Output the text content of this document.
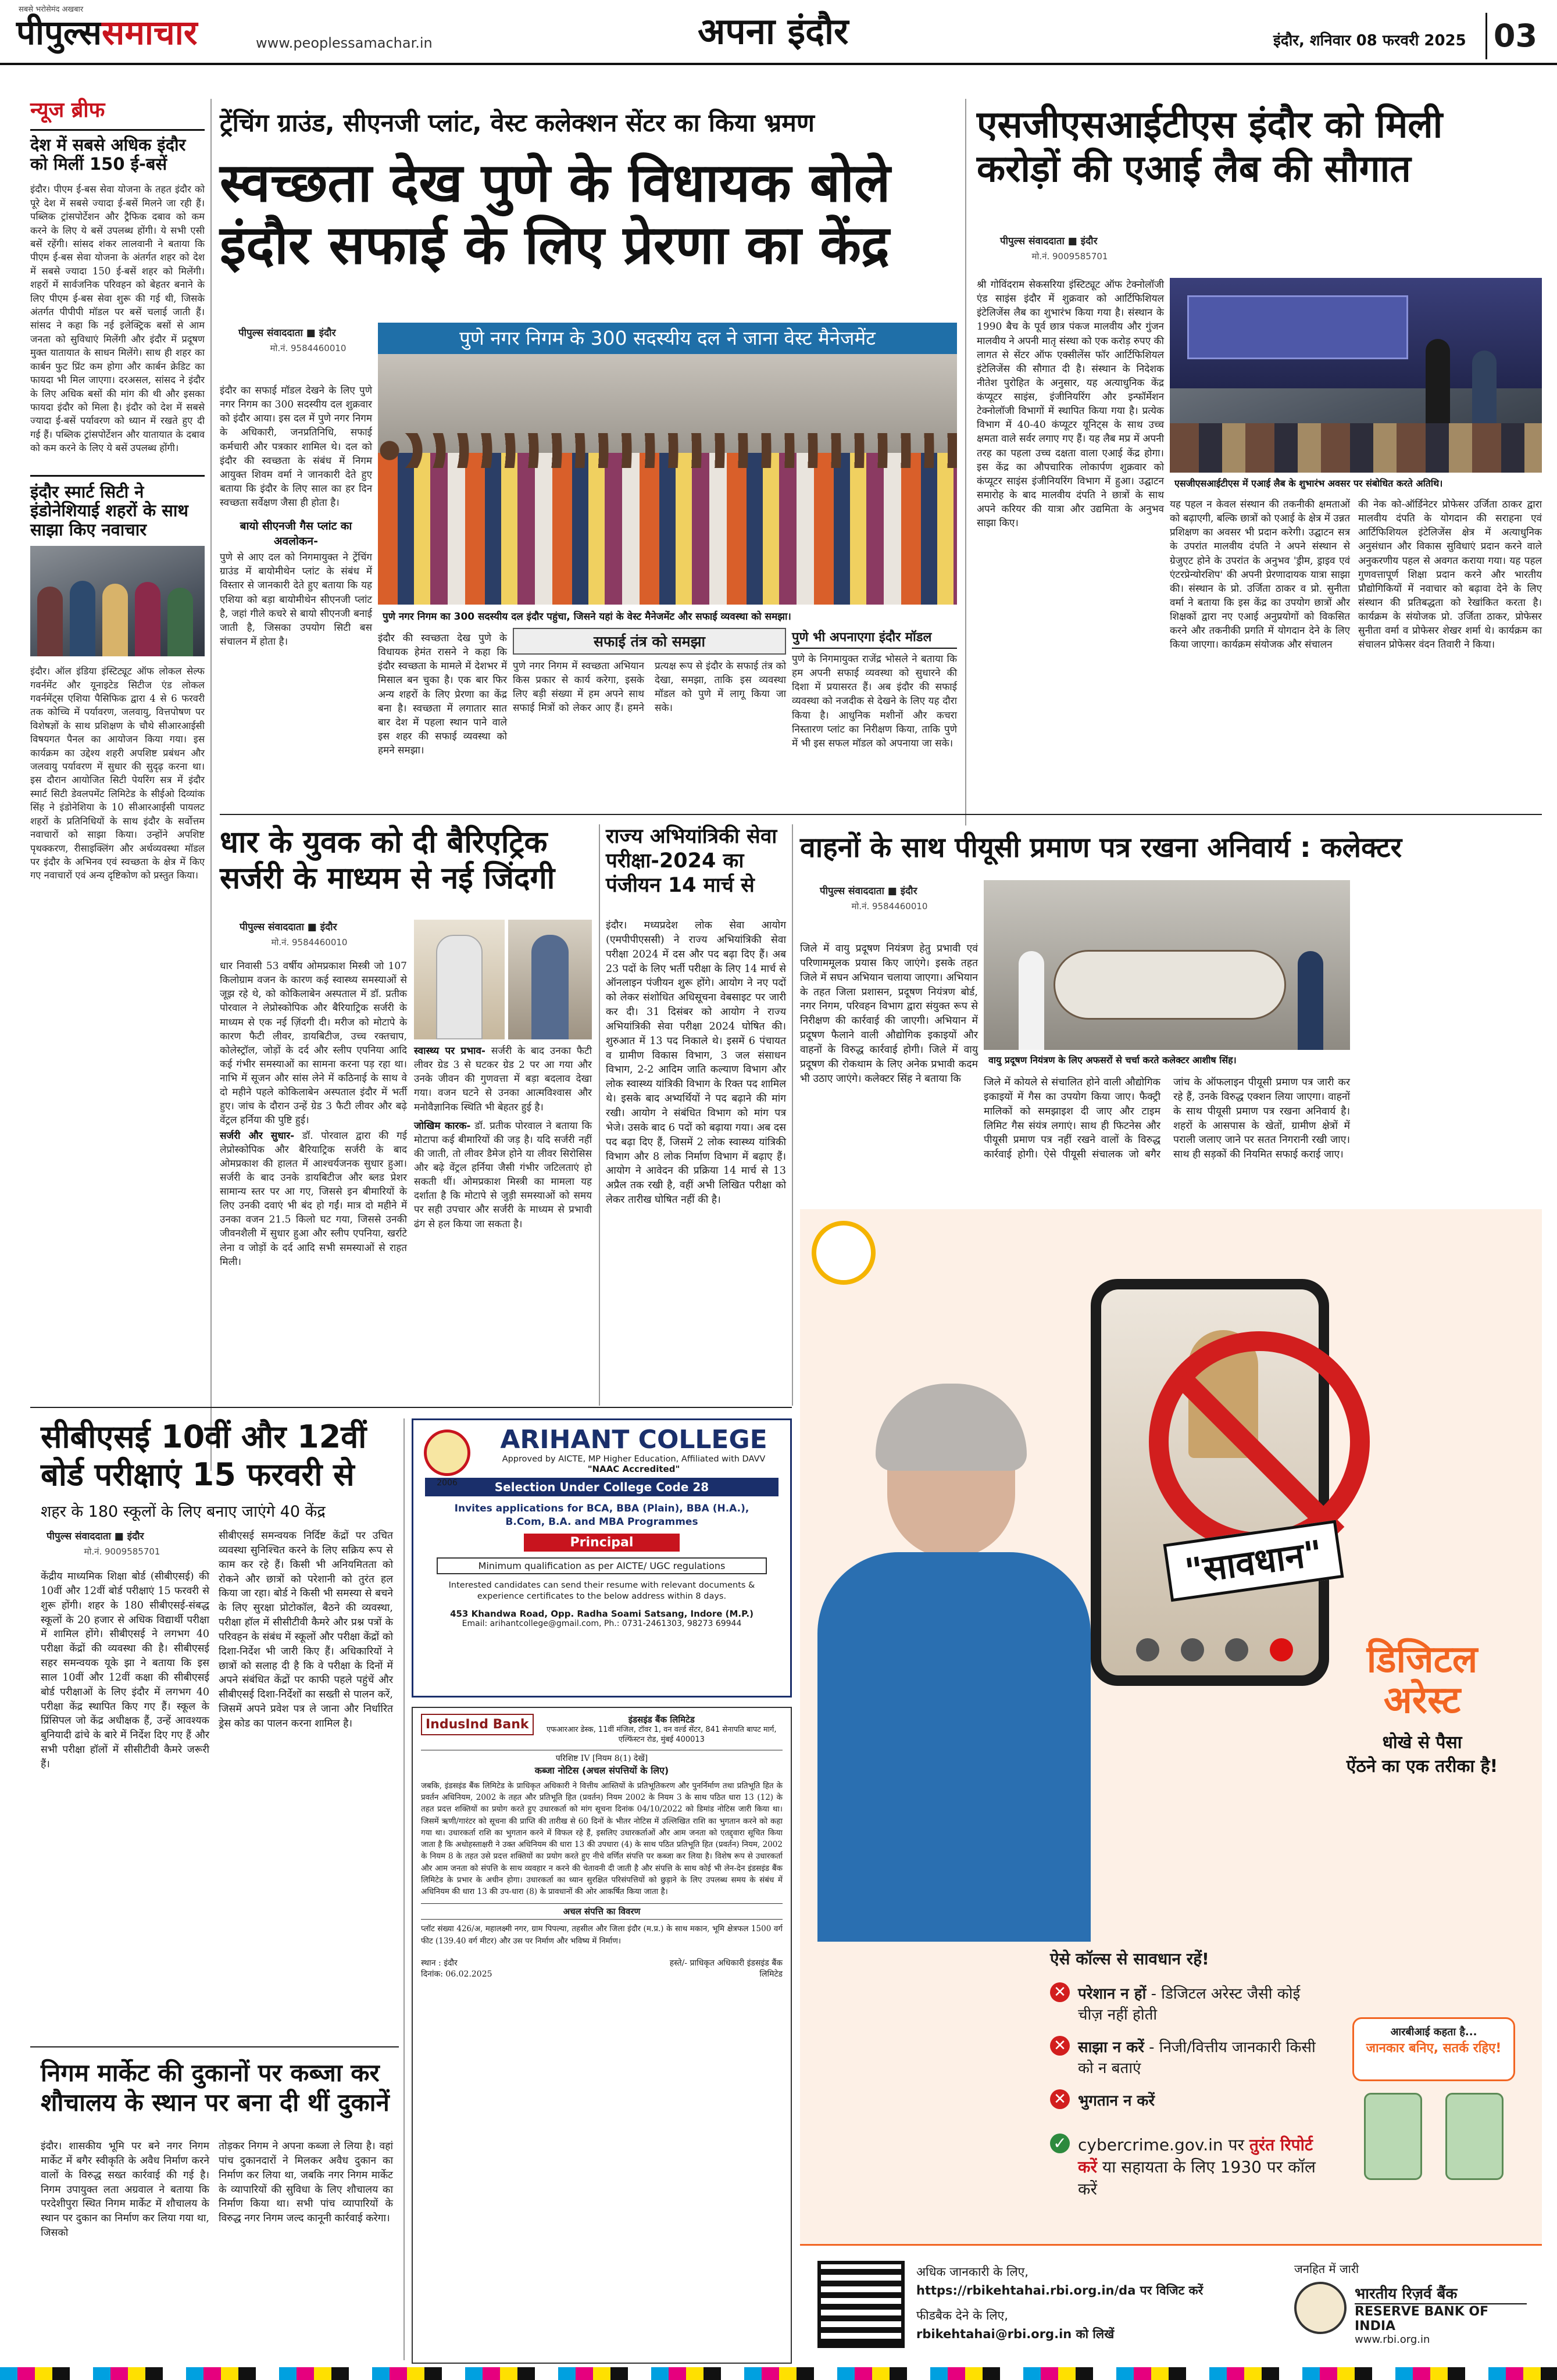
पीपुल्ससमाचार
सबसे भरोसेमंद अखबार
www.peoplessamachar.in	अपना इंदौर	इंदौर, शनिवार 08 फरवरी 2025 03
न्यूज ब्रीफ
देश में सबसे अधिक इंदौर को मिलीं 150 ई-बसें
इंदौर। पीएम ई-बस सेवा योजना के तहत इंदौर को पूरे देश में सबसे ज्यादा ई-बसें मिलने जा रही हैं। पब्लिक ट्रांसपोर्टेशन और ट्रैफिक दबाव को कम करने के लिए ये बसें उपलब्ध होंगी। ये सभी एसी बसें रहेंगी। सांसद शंकर लालवानी ने बताया कि पीएम ई-बस सेवा योजना के अंतर्गत शहर को देश में सबसे ज्यादा 150 ई-बसें शहर को मिलेंगी। शहरों में सार्वजनिक परिवहन को बेहतर बनाने के लिए पीएम ई-बस सेवा शुरू की गई थी, जिसके अंतर्गत पीपीपी मॉडल पर बसें चलाई जाती हैं। सांसद ने कहा कि नई इलेक्ट्रिक बसों से आम जनता को सुविधाएं मिलेंगी और इंदौर में प्रदूषण मुक्त यातायात के साधन मिलेंगे। साथ ही शहर का कार्बन फुट प्रिंट कम होगा और कार्बन क्रेडिट का फायदा भी मिल जाएगा। दरअसल, सांसद ने इंदौर के लिए अधिक बसों की मांग की थी और इसका फायदा इंदौर को मिला है। इंदौर को देश में सबसे ज्यादा ई-बसें पर्यावरण को ध्यान में रखते हुए दी गई हैं। पब्लिक ट्रांसपोर्टेशन और यातायात के दबाव को कम करने के लिए ये बसें उपलब्ध होंगी।
इंदौर स्मार्ट सिटी ने इंडोनेशियाई शहरों के साथ साझा किए नवाचार
इंदौर। ऑल इंडिया इंस्टिट्यूट ऑफ लोकल सेल्फ गवर्नमेंट और यूनाइटेड सिटीज एंड लोकल गवर्नमेंट्स एशिया पैसिफिक द्वारा 4 से 6 फरवरी तक कोच्चि में पर्यावरण, जलवायु, वित्तपोषण पर विशेषज्ञों के साथ प्रशिक्षण के चौथे सीआरआईसी विषयगत पैनल का आयोजन किया गया। इस कार्यक्रम का उद्देश्य शहरी अपशिष्ट प्रबंधन और जलवायु पर्यावरण में सुधार की सुदृढ़ करना था। इस दौरान आयोजित सिटी पेयरिंग सत्र में इंदौर स्मार्ट सिटी डेवलपमेंट लिमिटेड के सीईओ दिव्यांक सिंह ने इंडोनेशिया के 10 सीआरआईसी पायलट शहरों के प्रतिनिधियों के साथ इंदौर के सर्वोत्तम नवाचारों को साझा किया। उन्होंने अपशिष्ट पृथक्करण, रीसाइक्लिंग और अर्थव्यवस्था मॉडल पर इंदौर के अभिनव एवं स्वच्छता के क्षेत्र में किए गए नवाचारों एवं अन्य दृष्टिकोण को प्रस्तुत किया।
ट्रेंचिंग ग्राउंड, सीएनजी प्लांट, वेस्ट कलेक्शन सेंटर का किया भ्रमण
स्वच्छता देख पुणे के विधायक बोले इंदौर सफाई के लिए प्रेरणा का केंद्र
पीपुल्स संवाददाता ■ इंदौर
मो.नं. 9584460010
इंदौर का सफाई मॉडल देखने के लिए पुणे नगर निगम का 300 सदस्यीय दल शुक्रवार को इंदौर आया। इस दल में पुणे नगर निगम के अधिकारी, जनप्रतिनिधि, सफाई कर्मचारी और पत्रकार शामिल थे। दल को इंदौर की स्वच्छता के संबंध में निगम आयुक्त शिवम वर्मा ने जानकारी देते हुए बताया कि इंदौर के लिए साल का हर दिन स्वच्छता सर्वेक्षण जैसा ही होता है।
बायो सीएनजी गैस प्लांट का अवलोकन-
पुणे से आए दल को निगमायुक्त ने ट्रेंचिंग ग्राउंड में बायोमीथेन प्लांट के संबंध में विस्तार से जानकारी देते हुए बताया कि यह एशिया को बड़ा बायोमीथेन सीएनजी प्लांट है, जहां गीले कचरे से बायो सीएनजी बनाई जाती है, जिसका उपयोग सिटी बस संचालन में होता है।
पुणे नगर निगम के 300 सदस्यीय दल ने जाना वेस्ट मैनेजमेंट
पुणे नगर निगम का 300 सदस्यीय दल इंदौर पहुंचा, जिसने यहां के वेस्ट मैनेजमेंट और सफाई व्यवस्था को समझा।
इंदौर की स्वच्छता देख पुणे के विधायक हेमंत रासने ने कहा कि इंदौर स्वच्छता के मामले में देशभर में मिसाल बन चुका है। एक बार फिर अन्य शहरों के लिए प्रेरणा का केंद्र बना है। स्वच्छता में लगातार सात बार देश में पहला स्थान पाने वाले इस शहर की सफाई व्यवस्था को हमने समझा।
सफाई तंत्र को समझा
पुणे नगर निगम में स्वच्छता अभियान किस प्रकार से कार्य करेगा, इसके लिए बड़ी संख्या में हम अपने साथ सफाई मित्रों को लेकर आए हैं। हमने प्रत्यक्ष रूप से इंदौर के सफाई तंत्र को देखा, समझा, ताकि इस व्यवस्था मॉडल को पुणे में लागू किया जा सके।
पुणे भी अपनाएगा इंदौर मॉडल
पुणे के निगमायुक्त राजेंद्र भोसले ने बताया कि हम अपनी सफाई व्यवस्था को सुधारने की दिशा में प्रयासरत हैं। अब इंदौर की सफाई व्यवस्था को नजदीक से देखने के लिए यह दौरा किया है। आधुनिक मशीनों और कचरा निस्तारण प्लांट का निरीक्षण किया, ताकि पुणे में भी इस सफल मॉडल को अपनाया जा सके।
एसजीएसआईटीएस इंदौर को मिली करोड़ों की एआई लैब की सौगात
पीपुल्स संवाददाता ■ इंदौर
मो.नं. 9009585701
श्री गोविंदराम सेकसरिया इंस्टिट्यूट ऑफ टेक्नोलॉजी एंड साइंस इंदौर में शुक्रवार को आर्टिफिशियल इंटेलिजेंस लैब का शुभारंभ किया गया है। संस्थान के 1990 बैच के पूर्व छात्र पंकज मालवीय और गुंजन मालवीय ने अपनी मातृ संस्था को एक करोड़ रुपए की लागत से सेंटर ऑफ एक्सीलेंस फॉर आर्टिफिशियल इंटेलिजेंस की सौगात दी है। संस्थान के निदेशक नीतेश पुरोहित के अनुसार, यह अत्याधुनिक केंद्र कंप्यूटर साइंस, इंजीनियरिंग और इन्फॉर्मेशन टेक्नोलॉजी विभागों में स्थापित किया गया है। प्रत्येक विभाग में 40-40 कंप्यूटर यूनिट्स के साथ उच्च क्षमता वाले सर्वर लगाए गए हैं। यह लैब मप्र में अपनी तरह का पहला उच्च दक्षता वाला एआई केंद्र होगा। इस केंद्र का औपचारिक लोकार्पण शुक्रवार को कंप्यूटर साइंस इंजीनियरिंग विभाग में हुआ। उद्घाटन समारोह के बाद मालवीय दंपति ने छात्रों के साथ अपने करियर की यात्रा और उद्यमिता के अनुभव साझा किए।
एसजीएसआईटीएस में एआई लैब के शुभारंभ अवसर पर संबोधित करते अतिथि।
यह पहल न केवल संस्थान की तकनीकी क्षमताओं को बढ़ाएगी, बल्कि छात्रों को एआई के क्षेत्र में उन्नत प्रशिक्षण का अवसर भी प्रदान करेगी। उद्घाटन सत्र के उपरांत मालवीय दंपति ने अपने संस्थान से ग्रेजुएट होने के उपरांत के अनुभव 'ड्रीम, ड्राइव एवं एंटरप्रेन्योरशिप' की अपनी प्रेरणादायक यात्रा साझा की। संस्थान के प्रो. उर्जिता ठाकर व प्रो. सुनीता वर्मा ने बताया कि इस केंद्र का उपयोग छात्रों और शिक्षकों द्वारा नए एआई अनुप्रयोगों को विकसित करने और तकनीकी प्रगति में योगदान देने के लिए किया जाएगा। कार्यक्रम संयोजक और संचालन
की नेक को-ऑर्डिनेटर प्रोफेसर उर्जिता ठाकर द्वारा मालवीय दंपति के योगदान की सराहना एवं आर्टिफिशियल इंटेलिजेंस क्षेत्र में अत्याधुनिक अनुसंधान और विकास सुविधाएं प्रदान करने वाले अनुकरणीय पहल से अवगत कराया गया। यह पहल गुणवत्तापूर्ण शिक्षा प्रदान करने और भारतीय प्रौद्योगिकियों में नवाचार को बढ़ावा देने के लिए संस्थान की प्रतिबद्धता को रेखांकित करता है। कार्यक्रम के संयोजक प्रो. उर्जिता ठाकर, प्रोफेसर सुनीता वर्मा व प्रोफेसर शेखर शर्मा थे। कार्यक्रम का संचालन प्रोफेसर वंदन तिवारी ने किया।
धार के युवक को दी बैरिएट्रिक सर्जरी के माध्यम से नई जिंदगी
पीपुल्स संवाददाता ■ इंदौर
मो.नं. 9584460010
धार निवासी 53 वर्षीय ओमप्रकाश मिस्त्री जो 107 किलोग्राम वजन के कारण कई स्वास्थ्य समस्याओं से जूझ रहे थे, को कोकिलाबेन अस्पताल में डॉ. प्रतीक पोरवाल ने लेप्रोस्कोपिक और बैरियाट्रिक सर्जरी के माध्यम से एक नई ज़िंदगी दी। मरीज को मोटापे के कारण फैटी लीवर, डायबिटीज, उच्च रक्तचाप, कोलेस्ट्रॉल, जोड़ों के दर्द और स्लीप एपनिया आदि कई गंभीर समस्याओं का सामना करना पड़ रहा था। नाभि में सूजन और सांस लेने में कठिनाई के साथ वे दो महीने पहले कोकिलाबेन अस्पताल इंदौर में भर्ती हुए। जांच के दौरान उन्हें ग्रेड 3 फैटी लीवर और बढ़े वेंट्रल हर्निया की पुष्टि हुई।
सर्जरी और सुधार- डॉ. पोरवाल द्वारा की गई लेप्रोस्कोपिक और बैरियाट्रिक सर्जरी के बाद ओमप्रकाश की हालत में आश्चर्यजनक सुधार हुआ। सर्जरी के बाद उनके डायबिटीज और ब्लड प्रेशर सामान्य स्तर पर आ गए, जिससे इन बीमारियों के लिए उनकी दवाएं भी बंद हो गईं। मात्र दो महीने में उनका वजन 21.5 किलो घट गया, जिससे उनकी जीवनशैली में सुधार हुआ और स्लीप एपनिया, खर्राटे लेना व जोड़ों के दर्द आदि सभी समस्याओं से राहत मिली।
स्वास्थ्य पर प्रभाव- सर्जरी के बाद उनका फैटी लीवर ग्रेड 3 से घटकर ग्रेड 2 पर आ गया और उनके जीवन की गुणवत्ता में बड़ा बदलाव देखा गया। वजन घटने से उनका आत्मविश्वास और मनोवैज्ञानिक स्थिति भी बेहतर हुई है।
जोखिम कारक- डॉ. प्रतीक पोरवाल ने बताया कि मोटापा कई बीमारियों की जड़ है। यदि सर्जरी नहीं की जाती, तो लीवर डैमेज होने या लीवर सिरोसिस और बढ़े वेंट्रल हर्निया जैसी गंभीर जटिलताएं हो सकती थीं। ओमप्रकाश मिस्त्री का मामला यह दर्शाता है कि मोटापे से जुड़ी समस्याओं को समय पर सही उपचार और सर्जरी के माध्यम से प्रभावी ढंग से हल किया जा सकता है।
राज्य अभियांत्रिकी सेवा परीक्षा-2024 का पंजीयन 14 मार्च से
इंदौर। मध्यप्रदेश लोक सेवा आयोग (एमपीपीएससी) ने राज्य अभियांत्रिकी सेवा परीक्षा 2024 में दस और पद बढ़ा दिए हैं। अब 23 पदों के लिए भर्ती परीक्षा के लिए 14 मार्च से ऑनलाइन पंजीयन शुरू होंगे। आयोग ने नए पदों को लेकर संशोधित अधिसूचना वेबसाइट पर जारी कर दी। 31 दिसंबर को आयोग ने राज्य अभियांत्रिकी सेवा परीक्षा 2024 घोषित की। शुरुआत में 13 पद निकाले थे। इसमें 6 पंचायत व ग्रामीण विकास विभाग, 3 जल संसाधन विभाग, 2-2 आदिम जाति कल्याण विभाग और लोक स्वास्थ्य यांत्रिकी विभाग के रिक्त पद शामिल थे। इसके बाद अभ्यर्थियों ने पद बढ़ाने की मांग रखी। आयोग ने संबंधित विभाग को मांग पत्र भेजे। उसके बाद 6 पदों को बढ़ाया गया। अब दस पद बढ़ा दिए हैं, जिसमें 2 लोक स्वास्थ्य यांत्रिकी विभाग और 8 लोक निर्माण विभाग में बढ़ाए हैं। आयोग ने आवेदन की प्रक्रिया 14 मार्च से 13 अप्रैल तक रखी है, वहीं अभी लिखित परीक्षा को लेकर तारीख घोषित नहीं की है।
वाहनों के साथ पीयूसी प्रमाण पत्र रखना अनिवार्य : कलेक्टर
पीपुल्स संवाददाता ■ इंदौर
मो.नं. 9584460010
वायु प्रदूषण नियंत्रण के लिए अफसरों से चर्चा करते कलेक्टर आशीष सिंह।
जिले में वायु प्रदूषण नियंत्रण हेतु प्रभावी एवं परिणाममूलक प्रयास किए जाएंगे। इसके तहत जिले में सघन अभियान चलाया जाएगा। अभियान के तहत जिला प्रशासन, प्रदूषण नियंत्रण बोर्ड, नगर निगम, परिवहन विभाग द्वारा संयुक्त रूप से निरीक्षण की कार्रवाई की जाएगी। अभियान में प्रदूषण फैलाने वाली औद्योगिक इकाइयों और वाहनों के विरुद्ध कार्रवाई होगी। जिले में वायु प्रदूषण की रोकथाम के लिए अनेक प्रभावी कदम भी उठाए जाएंगे। कलेक्टर सिंह ने बताया कि	जिले में कोयले से संचालित होने वाली औद्योगिक इकाइयों में गैस का उपयोग किया जाए। फैक्ट्री मालिकों को समझाइश दी जाए और टाइम लिमिट गैस संयंत्र लगाएं। साथ ही फिटनेस और पीयूसी प्रमाण पत्र नहीं रखने वालों के विरुद्ध कार्रवाई होगी। ऐसे पीयूसी संचालक जो बगैर जांच के ऑफलाइन पीयूसी प्रमाण पत्र जारी कर रहे हैं, उनके विरुद्ध एक्शन लिया जाएगा। वाहनों के साथ पीयूसी प्रमाण पत्र रखना अनिवार्य है। शहरों के आसपास के खेतों, ग्रामीण क्षेत्रों में पराली जलाए जाने पर सतत निगरानी रखी जाए। साथ ही सड़कों की नियमित सफाई कराई जाए।
"सावधान"
डिजिटल
अरेस्ट
धोखे से पैसा
ऐंठने का एक तरीका है!
ऐसे कॉल्स से सावधान रहें!
✕ परेशान न हों - डिजिटल अरेस्ट जैसी कोई चीज़ नहीं होती
✕ साझा न करें - निजी/वित्तीय जानकारी किसी को न बताएं
✕ भुगतान न करें
✓ cybercrime.gov.in पर तुरंत रिपोर्ट करें या सहायता के लिए 1930 पर कॉल करें
आरबीआई कहता है...
जानकार बनिए, सतर्क रहिए!
अधिक जानकारी के लिए,
https://rbikehtahai.rbi.org.in/da पर विजिट करें
फीडबैक देने के लिए,
rbikehtahai@rbi.org.in को लिखें
जनहित में जारी
भारतीय रिज़र्व बैंक
RESERVE BANK OF INDIA
www.rbi.org.in
सीबीएसई 10वीं और 12वीं बोर्ड परीक्षाएं 15 फरवरी से
शहर के 180 स्कूलों के लिए बनाए जाएंगे 40 केंद्र
पीपुल्स संवाददाता ■ इंदौर
मो.नं. 9009585701
केंद्रीय माध्यमिक शिक्षा बोर्ड (सीबीएसई) की 10वीं और 12वीं बोर्ड परीक्षाएं 15 फरवरी से शुरू होंगी। शहर के 180 सीबीएसई-संबद्ध स्कूलों के 20 हजार से अधिक विद्यार्थी परीक्षा में शामिल होंगे। सीबीएसई ने लगभग 40 परीक्षा केंद्रों की व्यवस्था की है। सीबीएसई सहर समन्वयक यूके झा ने बताया कि इस साल 10वीं और 12वीं कक्षा की सीबीएसई बोर्ड परीक्षाओं के लिए इंदौर में लगभग 40 परीक्षा केंद्र स्थापित किए गए हैं। स्कूल के प्रिंसिपल जो केंद्र अधीक्षक हैं, उन्हें आवश्यक बुनियादी ढांचे के बारे में निर्देश दिए गए हैं और सभी परीक्षा हॉलों में सीसीटीवी कैमरे जरूरी हैं।
सीबीएसई समन्वयक निर्दिष्ट केंद्रों पर उचित व्यवस्था सुनिश्चित करने के लिए सक्रिय रूप से काम कर रहे हैं। किसी भी अनियमितता को रोकने और छात्रों को परेशानी को तुरंत हल किया जा रहा। बोर्ड ने किसी भी समस्या से बचने के लिए सुरक्षा प्रोटोकॉल, बैठने की व्यवस्था, परीक्षा हॉल में सीसीटीवी कैमरे और प्रश्न पत्रों के परिवहन के संबंध में स्कूलों और परीक्षा केंद्रों को दिशा-निर्देश भी जारी किए हैं। अधिकारियों ने छात्रों को सलाह दी है कि वे परीक्षा के दिनों में अपने संबंधित केंद्रों पर काफी पहले पहुंचें और सीबीएसई दिशा-निर्देशों का सख्ती से पालन करें, जिसमें अपने प्रवेश पत्र ले जाना और निर्धारित ड्रेस कोड का पालन करना शामिल है।
निगम मार्केट की दुकानों पर कब्जा कर शौचालय के स्थान पर बना दी थीं दुकानें
इंदौर। शासकीय भूमि पर बने नगर निगम मार्केट में बगैर स्वीकृति के अवैध निर्माण करने वालों के विरुद्ध सख्त कार्रवाई की गई है। निगम उपायुक्त लता अग्रवाल ने बताया कि परदेशीपुरा स्थित निगम मार्केट में शौचालय के स्थान पर दुकान का निर्माण कर लिया गया था, जिसको
तोड़कर निगम ने अपना कब्जा ले लिया है। वहां पांच दुकानदारों ने मिलकर अवैध दुकान का निर्माण कर लिया था, जबकि नगर निगम मार्केट के व्यापारियों की सुविधा के लिए शौचालय का निर्माण किया था। सभी पांच व्यापारियों के विरुद्ध नगर निगम जल्द कानूनी कार्रवाई करेगा।
2006
ARIHANT COLLEGE
Approved by AICTE, MP Higher Education, Affiliated with DAVV
"NAAC Accredited"
Selection Under College Code 28
Invites applications for BCA, BBA (Plain), BBA (H.A.), B.Com, B.A. and MBA Programmes
Principal
Minimum qualification as per AICTE/ UGC regulations
Interested candidates can send their resume with relevant documents & experience certificates to the below address within 8 days.
453 Khandwa Road, Opp. Radha Soami Satsang, Indore (M.P.)
Email: arihantcollege@gmail.com, Ph.: 0731-2461303, 98273 69944
IndusInd Bank	इंडसइंड बैंक लिमिटेड
एफआरआर डेस्क, 11वीं मंजिल, टॉवर 1, वन वर्ल्ड सेंटर, 841 सेनापति बापट मार्ग, एल्फिंस्टन रोड, मुंबई 400013
परिशिष्ट IV [नियम 8(1) देखें]
कब्जा नोटिस (अचल संपत्तियों के लिए)
जबकि, इंडसइंड बैंक लिमिटेड के प्राधिकृत अधिकारी ने वित्तीय आस्तियों के प्रतिभूतिकरण और पुनर्निर्माण तथा प्रतिभूति हित के प्रवर्तन अधिनियम, 2002 के तहत और प्रतिभूति हित (प्रवर्तन) नियम 2002 के नियम 3 के साथ पठित धारा 13 (12) के तहत प्रदत्त शक्तियों का प्रयोग करते हुए उधारकर्ता को मांग सूचना दिनांक 04/10/2022 को डिमांड नोटिस जारी किया था। जिसमें ऋणी/गारंटर को सूचना की प्राप्ति की तारीख से 60 दिनों के भीतर नोटिस में उल्लिखित राशि का भुगतान करने को कहा गया था। उधारकर्ता राशि का भुगतान करने में विफल रहे हैं, इसलिए उधारकर्ताओं और आम जनता को एतद्द्वारा सूचित किया जाता है कि अधोहस्ताक्षरी ने उक्त अधिनियम की धारा 13 की उपधारा (4) के साथ पठित प्रतिभूति हित (प्रवर्तन) नियम, 2002 के नियम 8 के तहत उसे प्रदत्त शक्तियों का प्रयोग करते हुए नीचे वर्णित संपत्ति पर कब्जा कर लिया है। विशेष रूप से उधारकर्ता और आम जनता को संपत्ति के साथ व्यवहार न करने की चेतावनी दी जाती है और संपत्ति के साथ कोई भी लेन-देन इंडसइंड बैंक लिमिटेड के प्रभार के अधीन होगा। उधारकर्ता का ध्यान सुरक्षित परिसंपत्तियों को छुड़ाने के लिए उपलब्ध समय के संबंध में अधिनियम की धारा 13 की उप-धारा (8) के प्रावधानों की ओर आकर्षित किया जाता है।
अचल संपत्ति का विवरण
प्लॉट संख्या 426/अ, महालक्ष्मी नगर, ग्राम पिपल्या, तहसील और जिला इंदौर (म.प्र.) के साथ मकान, भूमि क्षेत्रफल 1500 वर्ग फीट (139.40 वर्ग मीटर) और उस पर निर्माण और भविष्य में निर्माण।
स्थान : इंदौर
दिनांक: 06.02.2025
हस्ते/- प्राधिकृत अधिकारी इंडसइंड बैंक लिमिटेड
